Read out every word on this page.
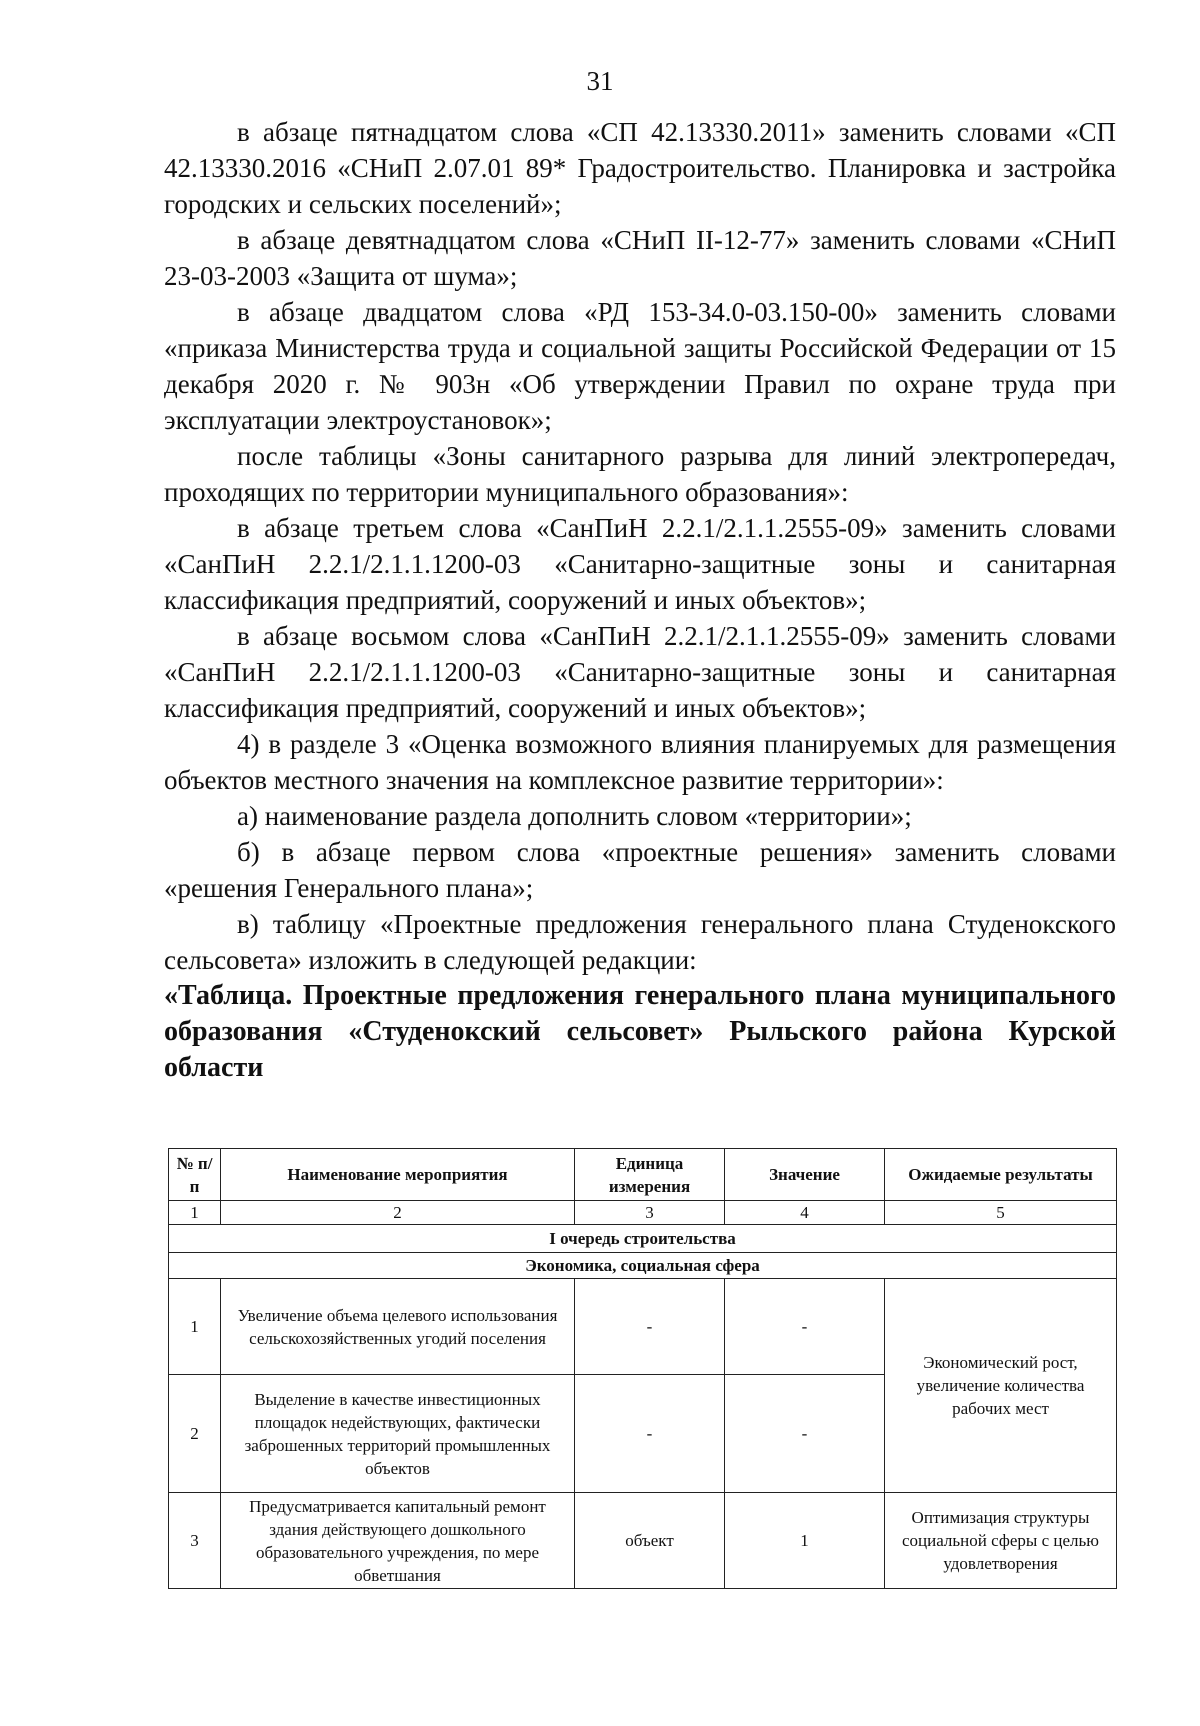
31

в абзаце пятнадцатом слова «СП 42.13330.2011» заменить словами «СП 42.13330.2016 «СНиП 2.07.01 89* Градостроительство. Планировка и застройка городских и сельских поселений»;

в абзаце девятнадцатом слова «СНиП II-12-77» заменить словами «СНиП 23-03-2003 «Защита от шума»;

в абзаце двадцатом слова «РД 153-34.0-03.150-00» заменить словами «приказа Министерства труда и социальной защиты Российской Федерации от 15 декабря 2020 г. № 903н «Об утверждении Правил по охране труда при эксплуатации электроустановок»;

после таблицы «Зоны санитарного разрыва для линий электропередач, проходящих по территории муниципального образования»:

в абзаце третьем слова «СанПиН 2.2.1/2.1.1.2555-09» заменить словами «СанПиН 2.2.1/2.1.1.1200-03 «Санитарно-защитные зоны и санитарная классификация предприятий, сооружений и иных объектов»;

в абзаце восьмом слова «СанПиН 2.2.1/2.1.1.2555-09» заменить словами «СанПиН 2.2.1/2.1.1.1200-03 «Санитарно-защитные зоны и санитарная классификация предприятий, сооружений и иных объектов»;

4) в разделе 3 «Оценка возможного влияния планируемых для размещения объектов местного значения на комплексное развитие территории»:

а) наименование раздела дополнить словом «территории»;

б) в абзаце первом слова «проектные решения» заменить словами «решения Генерального плана»;

в) таблицу «Проектные предложения генерального плана Студенокского сельсовета» изложить в следующей редакции:

«Таблица. Проектные предложения генерального плана муниципального образования «Студенокский сельсовет» Рыльского района Курской области

№ п/п	Наименование мероприятия	Единица измерения	Значение	Ожидаемые результаты
1	2	3	4	5
I очередь строительства				
Экономика, социальная сфера				
1	Увеличение объема целевого использования сельскохозяйственных угодий поселения	-	-	Экономический рост, увеличение количества рабочих мест
2	Выделение в качестве инвестиционных площадок недействующих, фактически заброшенных территорий промышленных объектов	-	-	
3	Предусматривается капитальный ремонт здания действующего дошкольного образовательного учреждения, по мере обветшания	объект	1	Оптимизация структуры социальной сферы с целью удовлетворения
